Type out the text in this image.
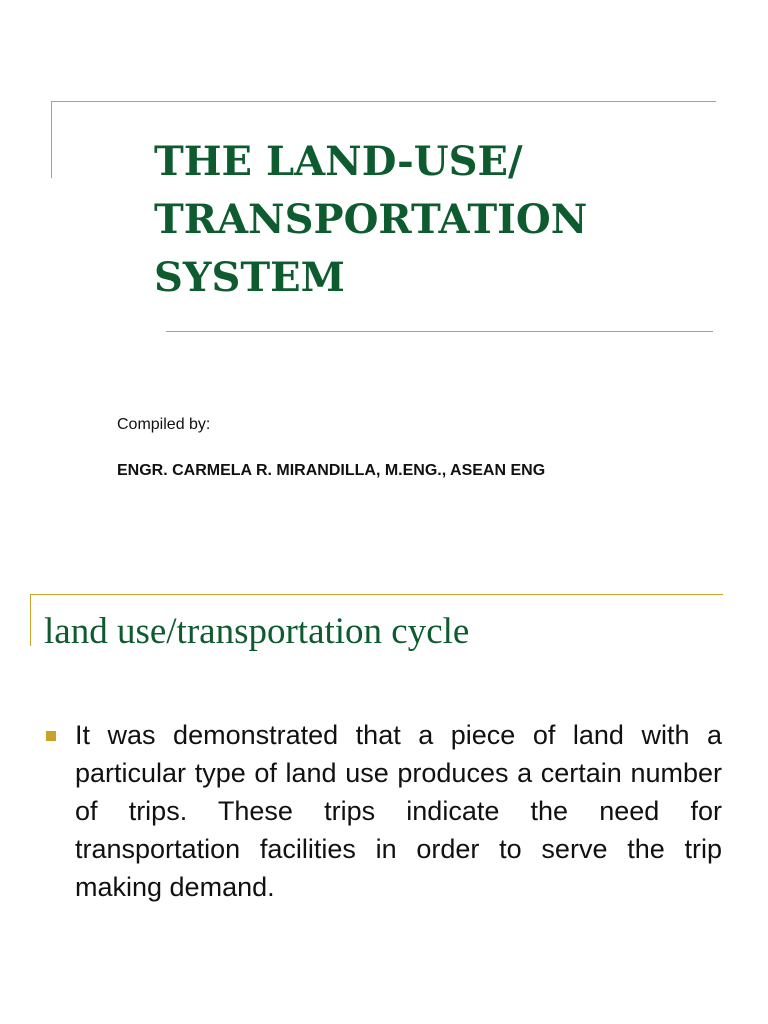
THE LAND-USE/
TRANSPORTATION
SYSTEM
Compiled by:
ENGR. CARMELA R. MIRANDILLA, M.ENG., ASEAN ENG
land use/transportation cycle
It was demonstrated that a piece of land with a particular type of land use produces a certain number of trips. These trips indicate the need for transportation facilities in order to serve the trip making demand.
